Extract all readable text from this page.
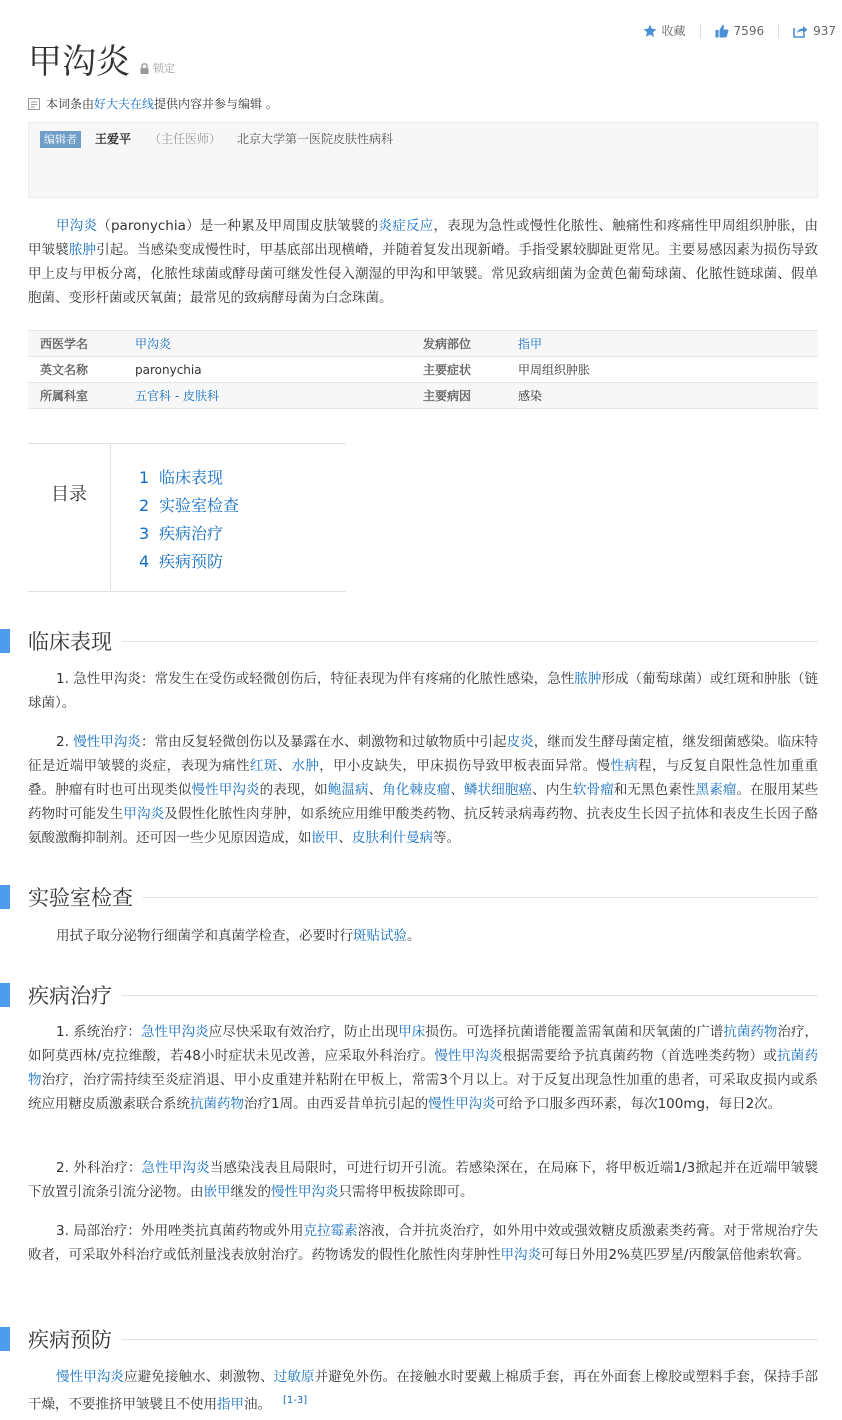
收藏	7596	937
甲沟炎 锁定
本词条由 好大夫在线 提供内容并参与编辑 。
编辑者	王爱平 （主任医师） 北京大学第一医院皮肤性病科

甲沟炎（paronychia）是一种累及甲周围皮肤皱襞的炎症反应，表现为急性或慢性化脓性、触痛性和疼痛性甲周组织肿胀，由甲皱襞脓肿引起。当感染变成慢性时，甲基底部出现横嵴，并随着复发出现新嵴。手指受累较脚趾更常见。主要易感因素为损伤导致甲上皮与甲板分离，化脓性球菌或酵母菌可继发性侵入潮湿的甲沟和甲皱襞。常见致病细菌为金黄色葡萄球菌、化脓性链球菌、假单胞菌、变形杆菌或厌氧菌；最常见的致病酵母菌为白念珠菌。

西医学名	甲沟炎	发病部位	指甲
英文名称	paronychia	主要症状	甲周组织肿胀
所属科室	五官科 - 皮肤科	主要病因	感染
目录
1 临床表现
2 实验室检查
3 疾病治疗
4 疾病预防
临床表现

1. 急性甲沟炎：常发生在受伤或轻微创伤后，特征表现为伴有疼痛的化脓性感染，急性脓肿形成（葡萄球菌）或红斑和肿胀（链球菌）。

2. 慢性甲沟炎：常由反复轻微创伤以及暴露在水、刺激物和过敏物质中引起皮炎，继而发生酵母菌定植，继发细菌感染。临床特征是近端甲皱襞的炎症，表现为痛性红斑、水肿，甲小皮缺失，甲床损伤导致甲板表面异常。慢性病程，与反复自限性急性加重重叠。肿瘤有时也可出现类似慢性甲沟炎的表现，如鲍温病、角化棘皮瘤、鳞状细胞癌、内生软骨瘤和无黑色素性黑素瘤。在服用某些药物时可能发生甲沟炎及假性化脓性肉芽肿，如系统应用维甲酸类药物、抗反转录病毒药物、抗表皮生长因子抗体和表皮生长因子酪氨酸激酶抑制剂。还可因一些少见原因造成，如嵌甲、皮肤利什曼病等。

实验室检查

用拭子取分泌物行细菌学和真菌学检查，必要时行斑贴试验。

疾病治疗

1. 系统治疗：急性甲沟炎应尽快采取有效治疗，防止出现甲床损伤。可选择抗菌谱能覆盖需氧菌和厌氧菌的广谱抗菌药物治疗，如阿莫西林/克拉维酸，若48小时症状未见改善，应采取外科治疗。慢性甲沟炎根据需要给予抗真菌药物（首选唑类药物）或抗菌药物治疗，治疗需持续至炎症消退、甲小皮重建并粘附在甲板上，常需3个月以上。对于反复出现急性加重的患者，可采取皮损内或系统应用糖皮质激素联合系统抗菌药物治疗1周。由西妥昔单抗引起的慢性甲沟炎可给予口服多西环素，每次100mg，每日2次。

2. 外科治疗：急性甲沟炎当感染浅表且局限时，可进行切开引流。若感染深在，在局麻下，将甲板近端1/3掀起并在近端甲皱襞下放置引流条引流分泌物。由嵌甲继发的慢性甲沟炎只需将甲板拔除即可。

3. 局部治疗：外用唑类抗真菌药物或外用克拉霉素溶液，合并抗炎治疗，如外用中效或强效糖皮质激素类药膏。对于常规治疗失败者，可采取外科治疗或低剂量浅表放射治疗。药物诱发的假性化脓性肉芽肿性甲沟炎可每日外用2%莫匹罗星/丙酸氯倍他索软膏。

疾病预防

慢性甲沟炎应避免接触水、刺激物、过敏原并避免外伤。在接触水时要戴上棉质手套，再在外面套上橡胶或塑料手套，保持手部干燥，不要推挤甲皱襞且不使用指甲油。 [1-3]
